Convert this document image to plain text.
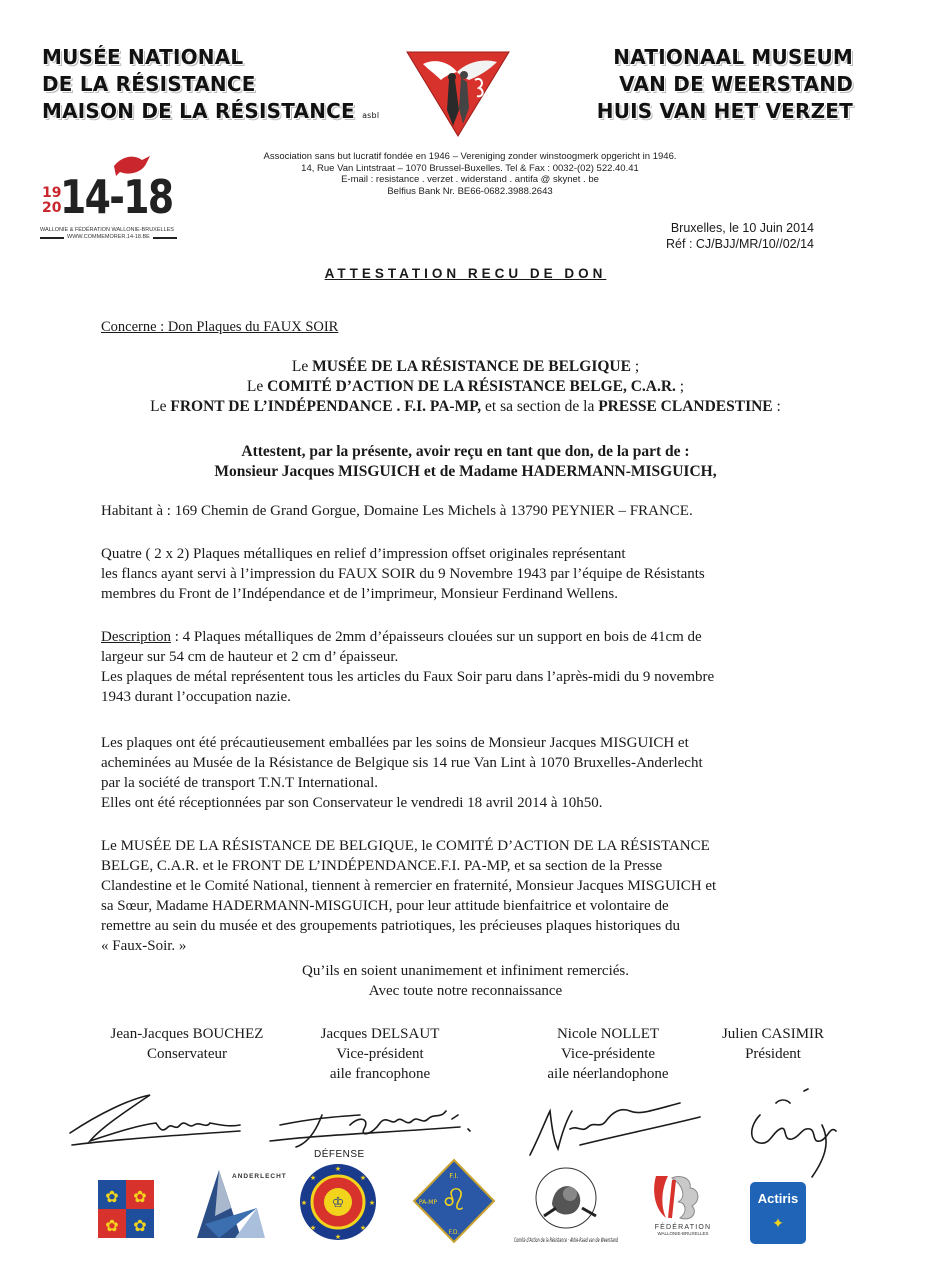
MUSÉE NATIONAL
DE LA RÉSISTANCE
MAISON DE LA RÉSISTANCE asbl
NATIONAAL MUSEUM
VAN DE WEERSTAND
HUIS VAN HET VERZET
19
20
14-18
WALLONIE & FÉDÉRATION WALLONIE-BRUXELLES
WWW.COMMEMORER.14-18.BE
Association sans but lucratif fondée en 1946 – Vereniging zonder winstoogmerk opgericht in 1946.
14, Rue Van Lintstraat – 1070 Brussel-Buxelles. Tel & Fax : 0032-(02) 522.40.41
E-mail : resistance . verzet . widerstand . antifa @ skynet . be
Belfius Bank Nr. BE66-0682.3988.2643
Bruxelles, le 10 Juin 2014
Réf : CJ/BJJ/MR/10//02/14
ATTESTATION RECU DE DON
Concerne : Don Plaques du FAUX SOIR
Le MUSÉE DE LA RÉSISTANCE DE BELGIQUE ;
Le COMITÉ D’ACTION DE LA RÉSISTANCE BELGE, C.A.R. ;
Le FRONT DE L’INDÉPENDANCE . F.I. PA-MP, et sa section de la PRESSE CLANDESTINE :
Attestent, par la présente, avoir reçu en tant que don, de la part de :
Monsieur Jacques MISGUICH et de Madame HADERMANN-MISGUICH,
Habitant à : 169 Chemin de Grand Gorgue, Domaine Les Michels à 13790 PEYNIER – FRANCE.
Quatre ( 2 x 2) Plaques métalliques en relief d’impression offset originales représentant
les flancs ayant servi à l’impression du FAUX SOIR du 9 Novembre 1943 par l’équipe de Résistants
membres du Front de l’Indépendance et de l’imprimeur, Monsieur Ferdinand Wellens.
Description : 4 Plaques métalliques de 2mm d’épaisseurs clouées sur un support en bois de 41cm de
largeur sur 54 cm de hauteur et 2 cm d’ épaisseur.
Les plaques de métal représentent tous les articles du Faux Soir paru dans l’après-midi du 9 novembre
1943 durant l’occupation nazie.
Les plaques ont été précautieusement emballées par les soins de Monsieur Jacques MISGUICH et
acheminées au Musée de la Résistance de Belgique sis 14 rue Van Lint à 1070 Bruxelles-Anderlecht
par la société de transport T.N.T International.
Elles ont été réceptionnées par son Conservateur le vendredi 18 avril 2014 à 10h50.
Le MUSÉE DE LA RÉSISTANCE DE BELGIQUE, le COMITÉ D’ACTION DE LA RÉSISTANCE
BELGE, C.A.R. et le FRONT DE L’INDÉPENDANCE.F.I. PA-MP, et sa section de la Presse
Clandestine et le Comité National, tiennent à remercier en fraternité, Monsieur Jacques MISGUICH et
sa Sœur, Madame HADERMANN-MISGUICH, pour leur attitude bienfaitrice et volontaire de
remettre au sein du musée et des groupements patriotiques, les précieuses plaques historiques du
« Faux-Soir. »
Qu’ils en soient unanimement et infiniment remerciés.
Avec toute notre reconnaissance
Jean-Jacques BOUCHEZ
Conservateur
Jacques DELSAUT
Vice-président
aile francophone
Nicole NOLLET
Vice-présidente
aile néerlandophone
Julien CASIMIR
Président
DÉFENSE
✿ ✿
✿ ✿
ANDERLECHT
★
★
★	★
★	★
★	★
♔	♌
F.I.
PA-MP
F.D.
Comité d’Action de la Résistance · Aktie-Raad van de Weerstand
FÉDÉRATION
WALLONIE-BRUXELLES
Actiris
✦
